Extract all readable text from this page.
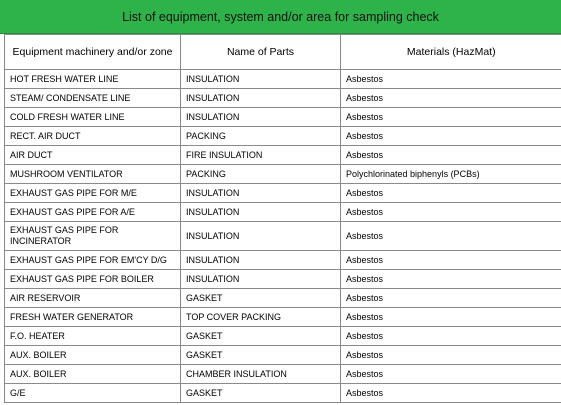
List of equipment, system and/or area for sampling check
Equipment machinery and/or zone	Name of Parts	Materials (HazMat)
HOT FRESH WATER LINE	INSULATION	Asbestos
STEAM/ CONDENSATE LINE	INSULATION	Asbestos
COLD FRESH WATER LINE	INSULATION	Asbestos
RECT. AIR DUCT	PACKING	Asbestos
AIR DUCT	FIRE INSULATION	Asbestos
MUSHROOM VENTILATOR	PACKING	Polychlorinated biphenyls (PCBs)
EXHAUST GAS PIPE FOR M/E	INSULATION	Asbestos
EXHAUST GAS PIPE FOR A/E	INSULATION	Asbestos
EXHAUST GAS PIPE FOR INCINERATOR	INSULATION	Asbestos
EXHAUST GAS PIPE FOR EM'CY D/G	INSULATION	Asbestos
EXHAUST GAS PIPE FOR BOILER	INSULATION	Asbestos
AIR RESERVOIR	GASKET	Asbestos
FRESH WATER GENERATOR	TOP COVER PACKING	Asbestos
F.O. HEATER	GASKET	Asbestos
AUX. BOILER	GASKET	Asbestos
AUX. BOILER	CHAMBER INSULATION	Asbestos
G/E	GASKET	Asbestos
